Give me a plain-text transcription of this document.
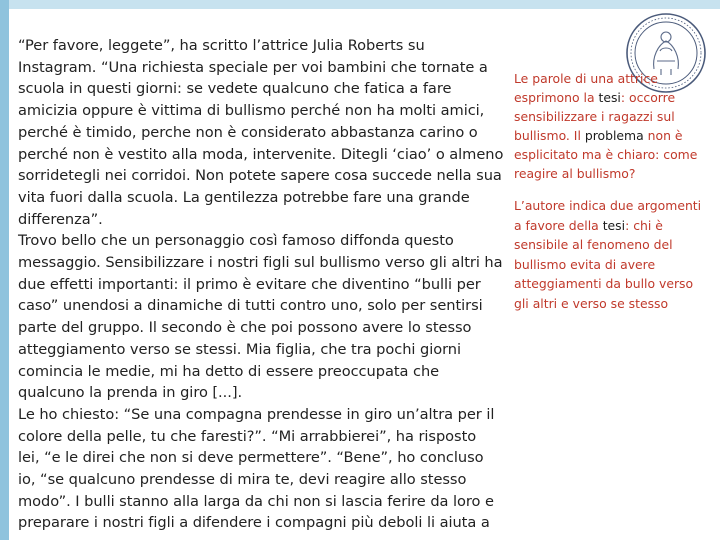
“Per favore, leggete”, ha scritto l’attrice Julia Roberts su
Instagram. “Una richiesta speciale per voi bambini che tornate a
scuola in questi giorni: se vedete qualcuno che fatica a fare
amicizia oppure è vittima di bullismo perché non ha molti amici,
perché è timido, perche non è considerato abbastanza carino o
perché non è vestito alla moda, intervenite. Ditegli ‘ciao’ o almeno
sorridetegli nei corridoi. Non potete sapere cosa succede nella sua
vita fuori dalla scuola. La gentilezza potrebbe fare una grande
differenza”.
Trovo bello che un personaggio così famoso diffonda questo
messaggio. Sensibilizzare i nostri figli sul bullismo verso gli altri ha
due effetti importanti: il primo è evitare che diventino “bulli per
caso” unendosi a dinamiche di tutti contro uno, solo per sentirsi
parte del gruppo. Il secondo è che poi possono avere lo stesso
atteggiamento verso se stessi. Mia figlia, che tra pochi giorni
comincia le medie, mi ha detto di essere preoccupata che
qualcuno la prenda in giro [...].
Le ho chiesto: “Se una compagna prendesse in giro un’altra per il
colore della pelle, tu che faresti?”. “Mi arrabbierei”, ha risposto
lei, “e le direi che non si deve permettere”. “Bene”, ho concluso
io, “se qualcuno prendesse di mira te, devi reagire allo stesso
modo”. I bulli stanno alla larga da chi non si lascia ferire da loro e
preparare i nostri figli a difendere i compagni più deboli li aiuta a
Le parole di una attrice esprimono la tesi: occorre sensibilizzare i ragazzi sul bullismo. Il problema non è esplicitato ma è chiaro: come reagire al bullismo?
L’autore indica due argomenti a favore della tesi: chi è sensibile al fenomeno del bullismo evita di avere atteggiamenti da bullo verso gli altri e verso se stesso
